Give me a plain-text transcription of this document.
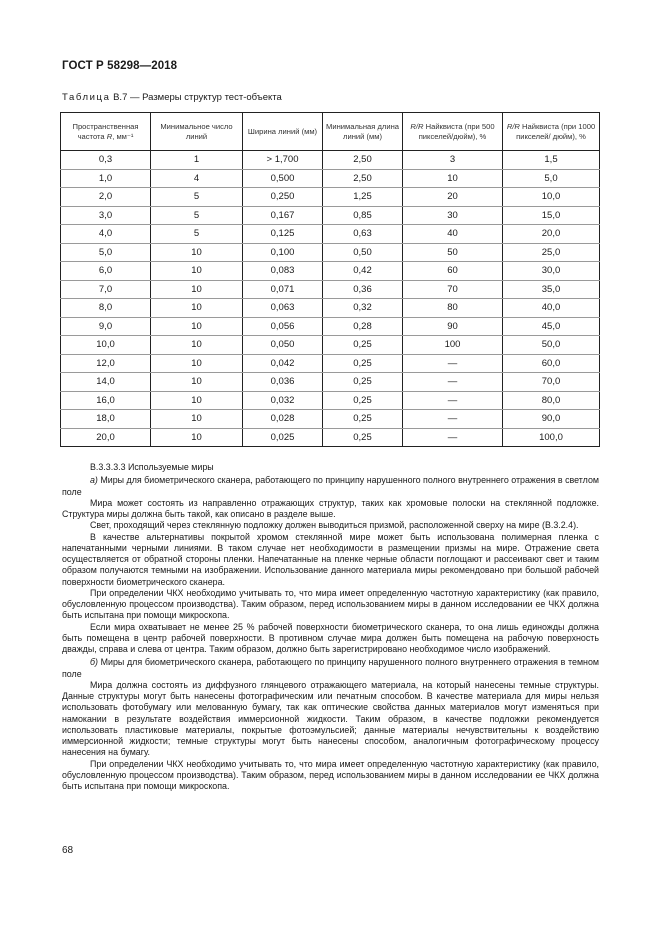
ГОСТ Р 58298—2018
Таблица В.7 — Размеры структур тест-объекта
Пространственная частота R, мм⁻¹	Минимальное число линий	Ширина линий (мм)	Минимальная длина линий (мм)	R/R Найквиста (при 500 пикселей/дюйм), %	R/R Найквиста (при 1000 пикселей/ дюйм), %
0,3	1	> 1,700	2,50	3	1,5
1,0	4	0,500	2,50	10	5,0
2,0	5	0,250	1,25	20	10,0
3,0	5	0,167	0,85	30	15,0
4,0	5	0,125	0,63	40	20,0
5,0	10	0,100	0,50	50	25,0
6,0	10	0,083	0,42	60	30,0
7,0	10	0,071	0,36	70	35,0
8,0	10	0,063	0,32	80	40,0
9,0	10	0,056	0,28	90	45,0
10,0	10	0,050	0,25	100	50,0
12,0	10	0,042	0,25	—	60,0
14,0	10	0,036	0,25	—	70,0
16,0	10	0,032	0,25	—	80,0
18,0	10	0,028	0,25	—	90,0
20,0	10	0,025	0,25	—	100,0

В.3.3.3.3 Используемые миры

а) Миры для биометрического сканера, работающего по принципу нарушенного полного внутреннего отражения в светлом поле

Мира может состоять из направленно отражающих структур, таких как хромовые полоски на стеклянной подложке. Структура миры должна быть такой, как описано в разделе выше.

Свет, проходящий через стеклянную подложку должен выводиться призмой, расположенной сверху на мире (В.3.2.4).

В качестве альтернативы покрытой хромом стеклянной мире может быть использована полимерная пленка с напечатанными черными линиями. В таком случае нет необходимости в размещении призмы на мире. Отражение света осуществляется от обратной стороны пленки. Напечатанные на пленке черные области поглощают и рассеивают свет и таким образом получаются темными на изображении. Использование данного материала миры рекомендовано при большой рабочей поверхности биометрического сканера.

При определении ЧКХ необходимо учитывать то, что мира имеет определенную частотную характеристику (как правило, обусловленную процессом производства). Таким образом, перед использованием миры в данном исследовании ее ЧКХ должна быть испытана при помощи микроскопа.

Если мира охватывает не менее 25 % рабочей поверхности биометрического сканера, то она лишь единожды должна быть помещена в центр рабочей поверхности. В противном случае мира должен быть помещена на рабочую поверхность дважды, справа и слева от центра. Таким образом, должно быть зарегистрировано необходимое число изображений.

б) Миры для биометрического сканера, работающего по принципу нарушенного полного внутреннего отражения в темном поле

Мира должна состоять из диффузного глянцевого отражающего материала, на который нанесены темные структуры. Данные структуры могут быть нанесены фотографическим или печатным способом. В качестве материала для миры нельзя использовать фотобумагу или мелованную бумагу, так как оптические свойства данных материалов могут изменяться при намокании в результате воздействия иммерсионной жидкости. Таким образом, в качестве подложки рекомендуется использовать пластиковые материалы, покрытые фотоэмульсией; данные материалы нечувствительны к воздействию иммерсионной жидкости; темные структуры могут быть нанесены способом, аналогичным фотографическому процессу нанесения на бумагу.

При определении ЧКХ необходимо учитывать то, что мира имеет определенную частотную характеристику (как правило, обусловленную процессом производства). Таким образом, перед использованием миры в данном исследовании ее ЧКХ должна быть испытана при помощи микроскопа.

68
